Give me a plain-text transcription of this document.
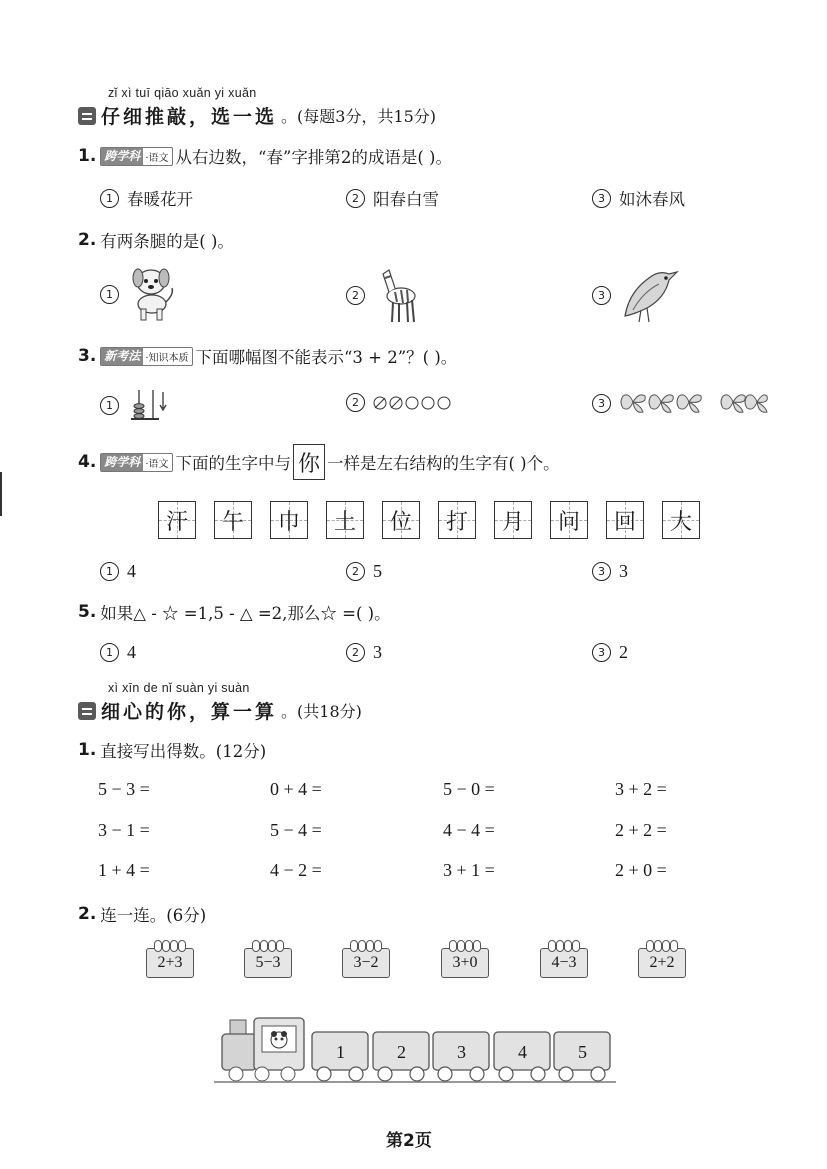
zǐ xì tuī qiāo xuǎn yi xuǎn
仔细推敲，选一选 。(每题3分，共15分)
1. 跨学科 ·语文 从右边数，“春”字排第2的成语是( )。
1 春暖花开	2 阳春白雪	3 如沐春风
2. 有两条腿的是( )。
1	2	3
3. 新考法 ·知识本质 下面哪幅图不能表示“3 + 2”？( )。
1	2	3
4. 跨学科 ·语文 下面的生字中与 你 一样是左右结构的生字有( )个。
汗 午 巾 土 位 打 月 问 回 大
1 4	2 5	3 3
5. 如果△ - ☆ =1,5 - △ =2,那么☆ =( )。
1 4	2 3	3 2
xì xīn de nǐ suàn yi suàn
细心的你，算一算 。(共18分)
1. 直接写出得数。(12分)
5 − 3 =	0 + 4 =	5 − 0 =	3 + 2 =
3 − 1 =	5 − 4 =	4 − 4 =	2 + 2 =
1 + 4 =	4 − 2 =	3 + 1 =	2 + 0 =
2. 连一连。(6分)
2+3	5−3	3−2	3+0	4−3	2+2
1	2	3	4	5
第2页
